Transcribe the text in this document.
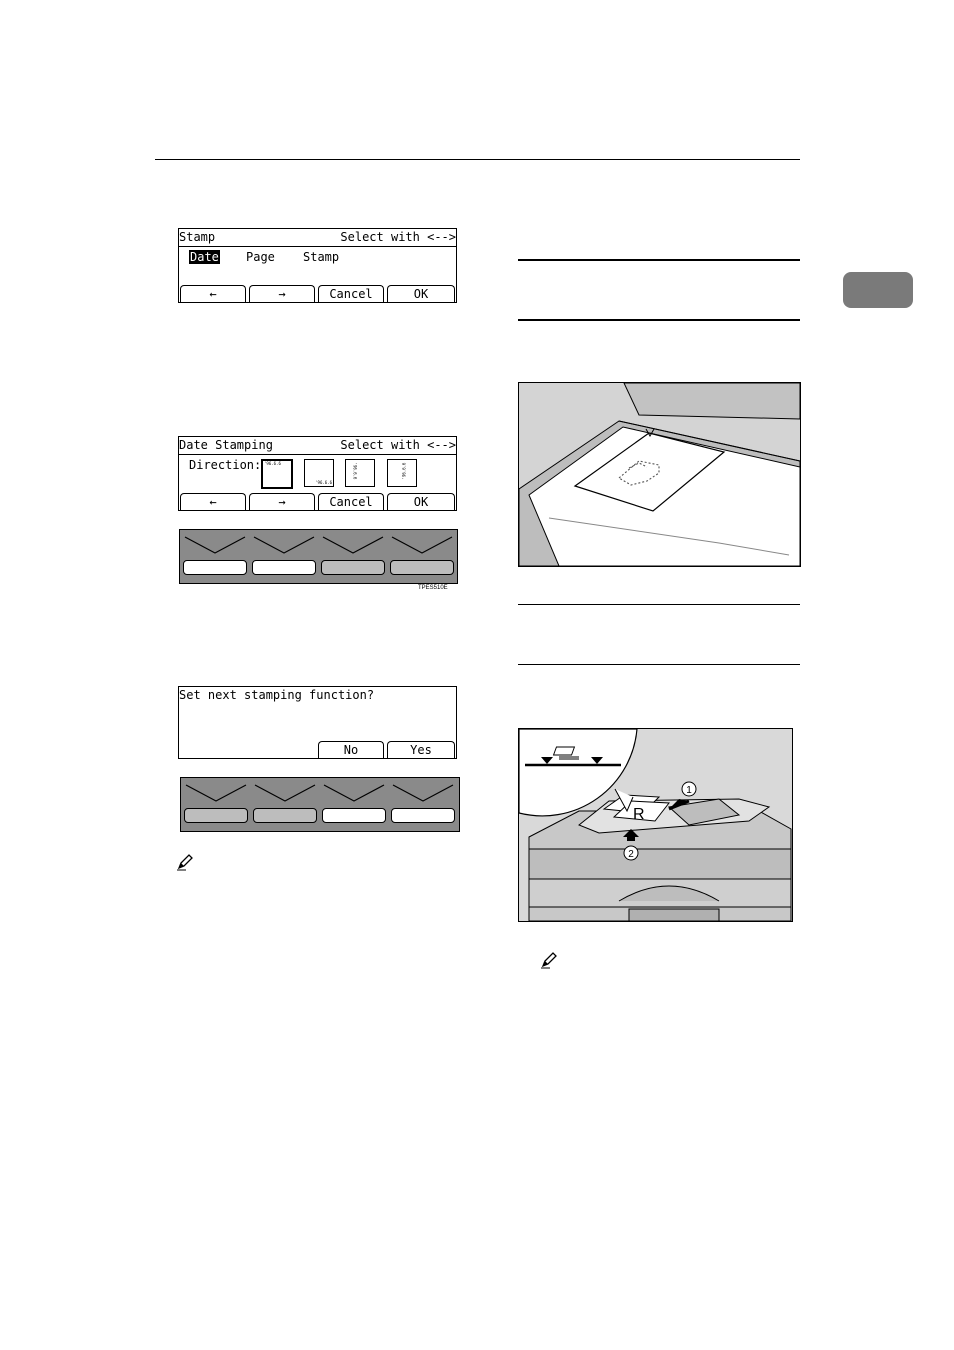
Stamp	Select with <-->
Date Page Stamp
←	→	Cancel	OK
Date Stamping	Select with <-->
Direction: '96.6.6
'96.6.6
'96.6.6	'96.6.6
←	→	Cancel	OK
TPES510E
Set next stamping function?
No	Yes
R
1
2
